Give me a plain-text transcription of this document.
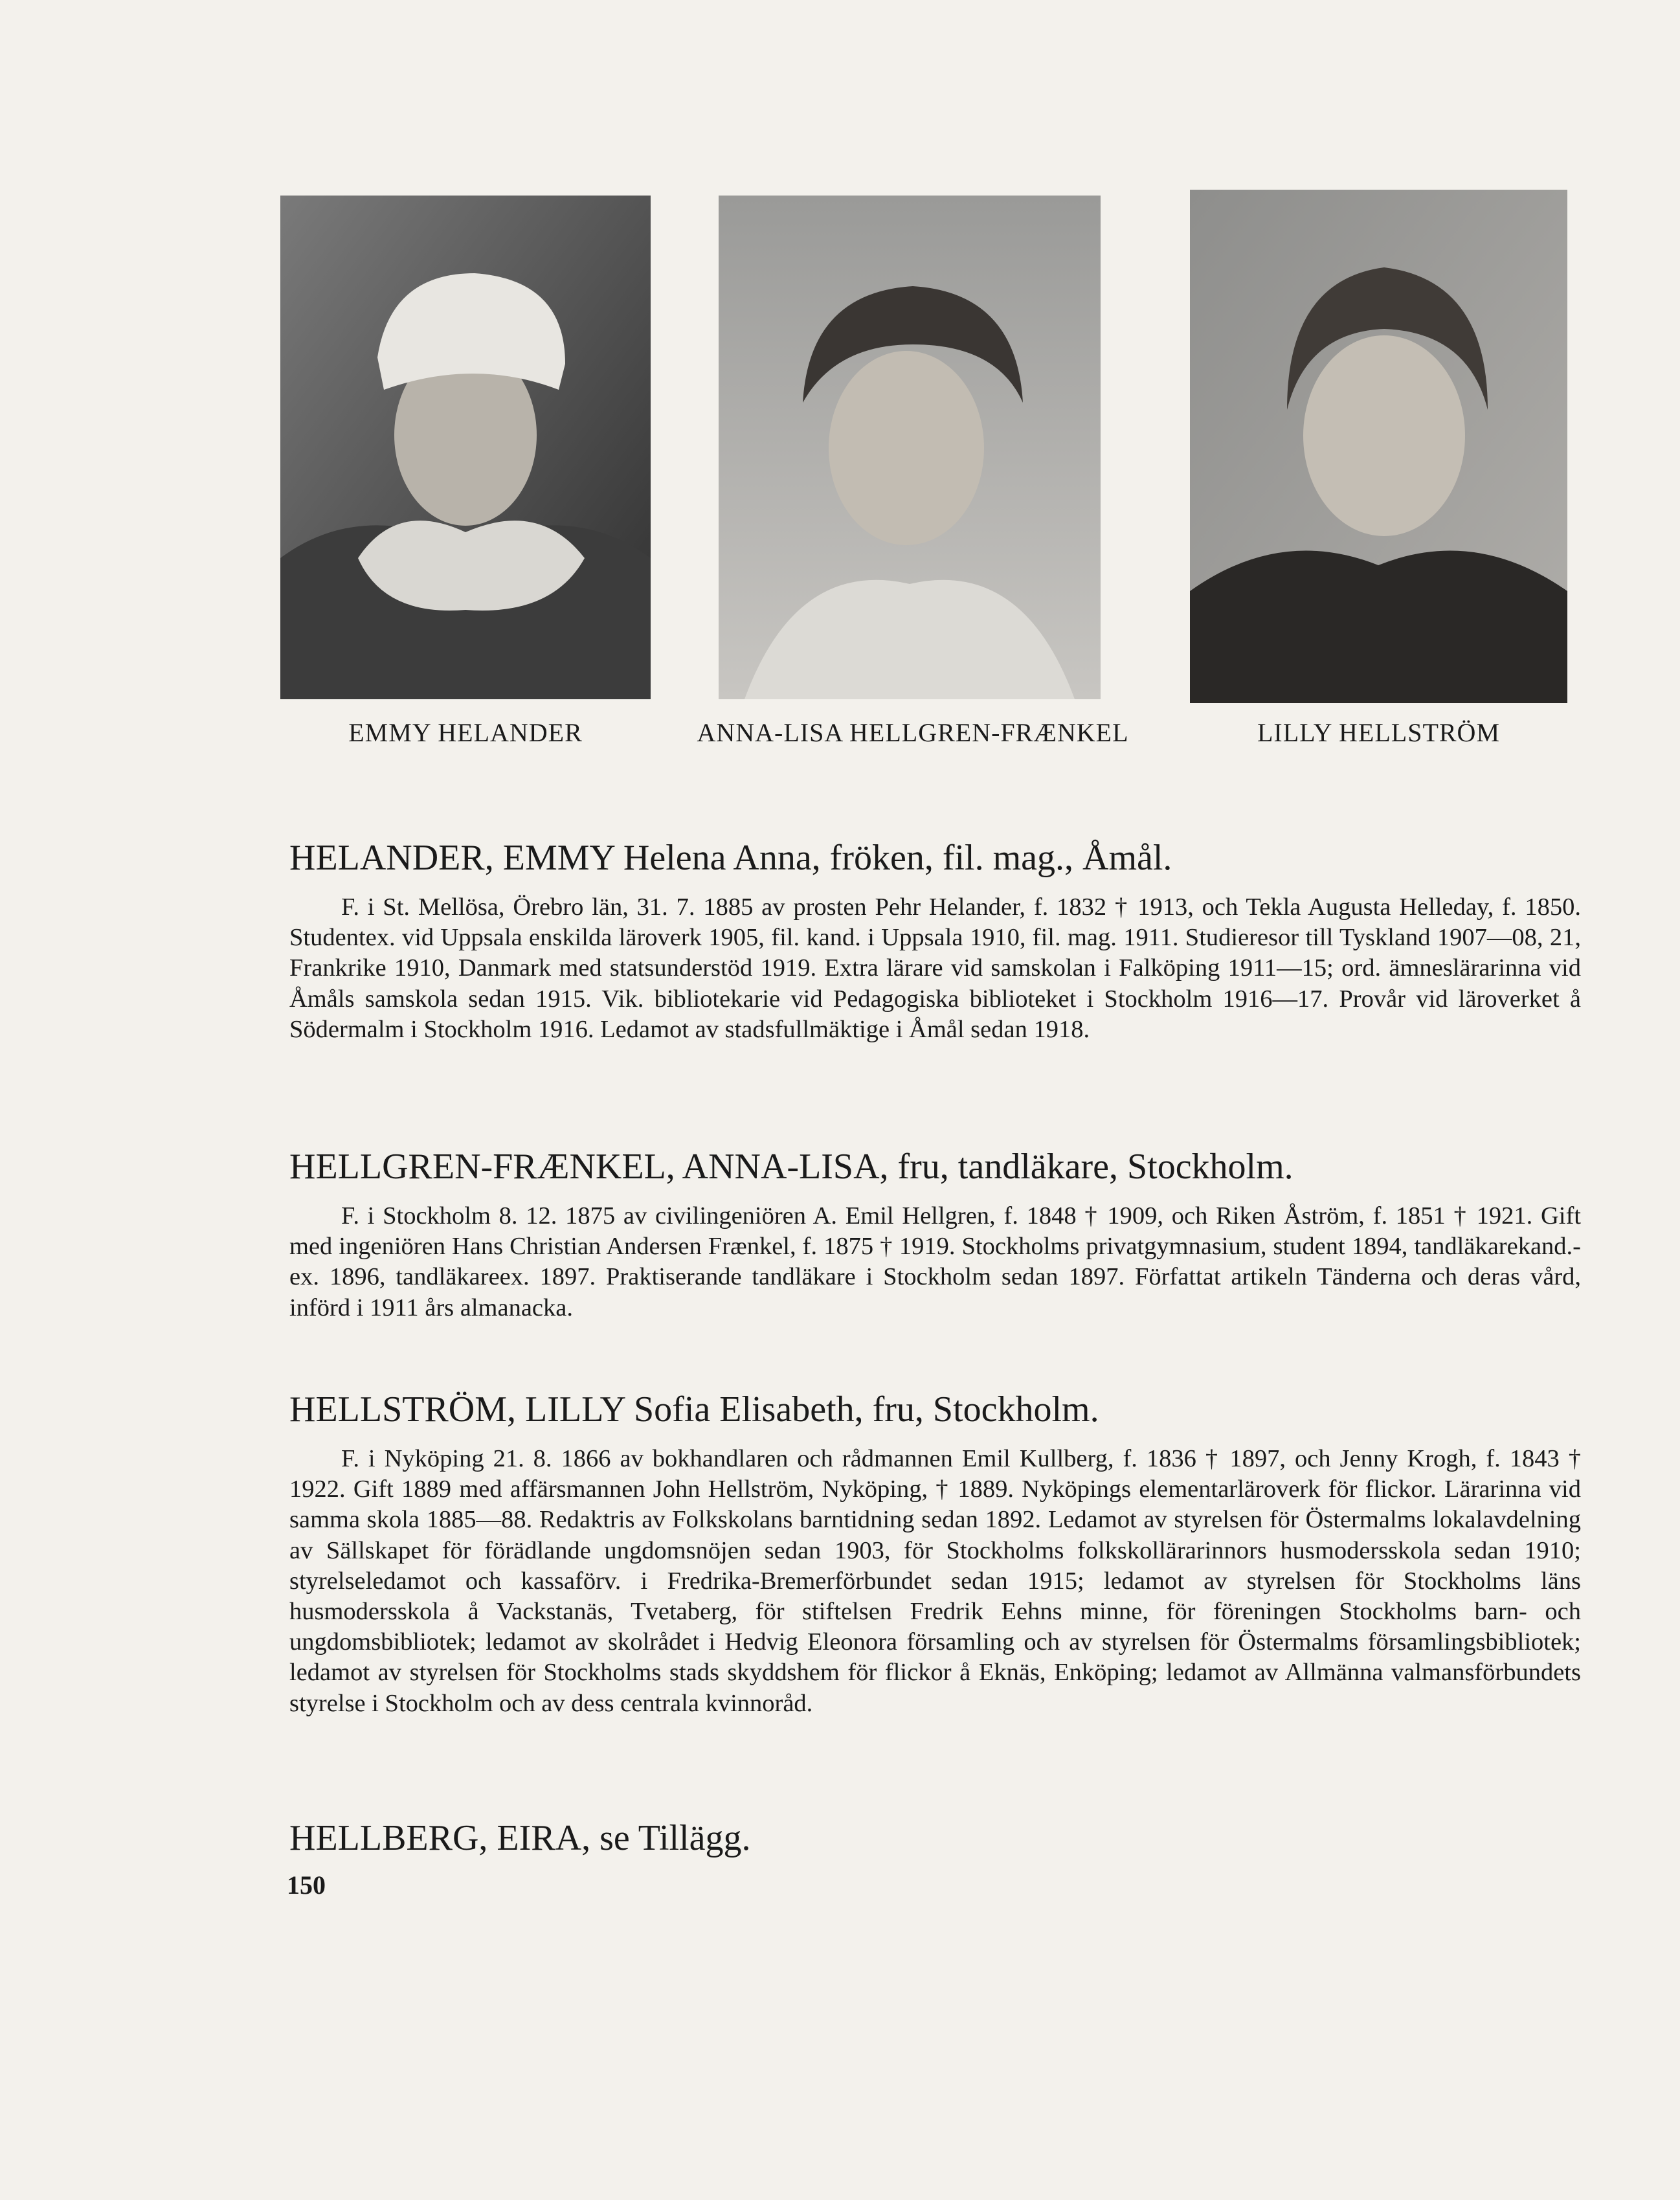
EMMY HELANDER	ANNA-LISA HELLGREN-FRÆNKEL	LILLY HELLSTRÖM
HELANDER, EMMY Helena Anna, fröken, fil. mag., Åmål.

F. i St. Mellösa, Örebro län, 31. 7. 1885 av prosten Pehr Helander, f. 1832 † 1913, och Tekla Augusta Helleday, f. 1850. Studentex. vid Uppsala enskilda läroverk 1905, fil. kand. i Uppsala 1910, fil. mag. 1911. Studieresor till Tyskland 1907—08, 21, Frankrike 1910, Danmark med statsunderstöd 1919. Extra lärare vid samskolan i Falköping 1911—15; ord. ämneslärarinna vid Åmåls samskola sedan 1915. Vik. bibliotekarie vid Pedagogiska biblioteket i Stockholm 1916—17. Provår vid läroverket å Södermalm i Stockholm 1916. Ledamot av stadsfullmäktige i Åmål sedan 1918.

HELLGREN-FRÆNKEL, ANNA-LISA, fru, tandläkare, Stockholm.

F. i Stockholm 8. 12. 1875 av civilingeniören A. Emil Hellgren, f. 1848 † 1909, och Riken Åström, f. 1851 † 1921. Gift med ingeniören Hans Christian Andersen Frænkel, f. 1875 † 1919. Stockholms privatgymnasium, student 1894, tandläkarekand.-ex. 1896, tandläkareex. 1897. Praktiserande tandläkare i Stockholm sedan 1897. Författat artikeln Tänderna och deras vård, införd i 1911 års almanacka.

HELLSTRÖM, LILLY Sofia Elisabeth, fru, Stockholm.

F. i Nyköping 21. 8. 1866 av bokhandlaren och rådmannen Emil Kullberg, f. 1836 † 1897, och Jenny Krogh, f. 1843 † 1922. Gift 1889 med affärsmannen John Hellström, Nyköping, † 1889. Nyköpings elementarläroverk för flickor. Lärarinna vid samma skola 1885—88. Redaktris av Folkskolans barntidning sedan 1892. Ledamot av styrelsen för Östermalms lokalavdelning av Sällskapet för förädlande ungdomsnöjen sedan 1903, för Stockholms folkskollärarinnors husmodersskola sedan 1910; styrelseledamot och kassaförv. i Fredrika-Bremerförbundet sedan 1915; ledamot av styrelsen för Stockholms läns husmodersskola å Vackstanäs, Tvetaberg, för stiftelsen Fredrik Eehns minne, för föreningen Stockholms barn- och ungdomsbibliotek; ledamot av skolrådet i Hedvig Eleonora församling och av styrelsen för Östermalms församlingsbibliotek; ledamot av styrelsen för Stockholms stads skyddshem för flickor å Eknäs, Enköping; ledamot av Allmänna valmansförbundets styrelse i Stockholm och av dess centrala kvinnoråd.

HELLBERG, EIRA, se Tillägg.
150
